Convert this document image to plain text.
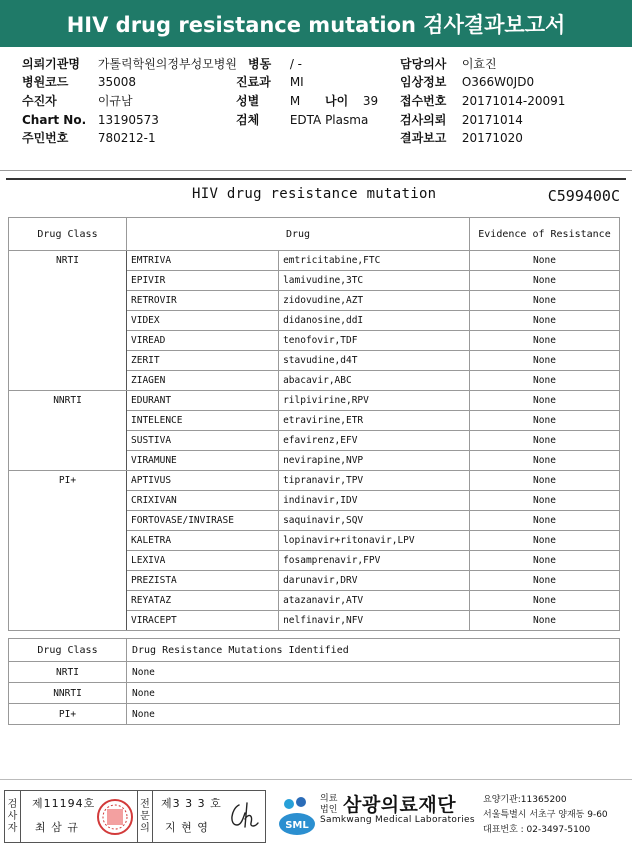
HIV drug resistance mutation 검사결과보고서
의뢰기관명 가톨릭학원의정부성모병원 병동 / -	담당의사 이효진
병원코드 35008	진료과 MI	임상정보 O366W0JD0
수진자	이규남	성별	M 나이 39 접수번호 20171014-20091
Chart No. 13190573	검체	EDTA Plasma	검사의뢰 20171014
주민번호 780212-1	결과보고 20171020
HIV drug resistance mutation	C599400C
Drug Class	Drug		Evidence of Resistance
NRTI	EMTRIVA	emtricitabine,FTC	None
	EPIVIR	lamivudine,3TC	None
	RETROVIR	zidovudine,AZT	None
	VIDEX	didanosine,ddI	None
	VIREAD	tenofovir,TDF	None
	ZERIT	stavudine,d4T	None
	ZIAGEN	abacavir,ABC	None
NNRTI	EDURANT	rilpivirine,RPV	None
	INTELENCE	etravirine,ETR	None
	SUSTIVA	efavirenz,EFV	None
	VIRAMUNE	nevirapine,NVP	None
PI+	APTIVUS	tipranavir,TPV	None
	CRIXIVAN	indinavir,IDV	None
	FORTOVASE/INVIRASE	saquinavir,SQV	None
	KALETRA	lopinavir+ritonavir,LPV	None
	LEXIVA	fosamprenavir,FPV	None
	PREZISTA	darunavir,DRV	None
	REYATAZ	atazanavir,ATV	None
	VIRACEPT	nelfinavir,NFV	None
Drug Class	Drug Resistance Mutations Identified
NRTI	None
NNRTI	None
PI+	None
검
사
자
제11194호
최 삼 규
전
문
의
제3 3 3 호
지 현 영	SML
의료
법인 삼광의료재단
Samkwang Medical Laboratories
요양기관:11365200
서울특별시 서초구 양재동 9-60
대표번호 : 02-3497-5100
